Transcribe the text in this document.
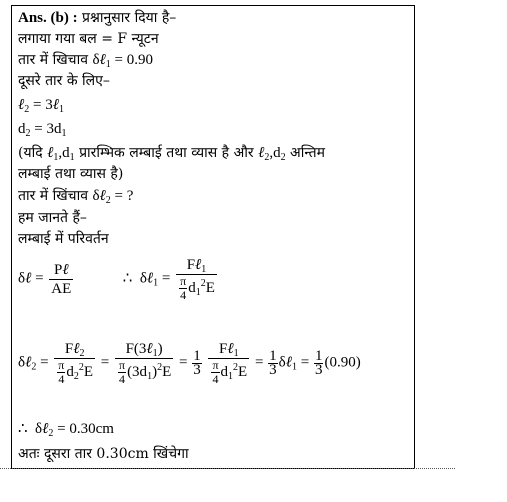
Ans. (b) : प्रश्नानुसार दिया है–
लगाया गया बल = F न्यूटन
तार में खिचाव δℓ$_1$ = 0.90
दूसरे तार के लिए–
ℓ$_2$ = 3ℓ$_1$
$d_2 = 3d_1$
(यदि $\ell_1,d_1$ प्रारम्भिक लम्बाई तथा व्यास है और $\ell_2,d_2$ अन्तिम
लम्बाई तथा व्यास है)
तार में खिंचाव δℓ$_2$ = ?
हम जानते हैं–
लम्बाई में परिवर्तन
δℓ = $\frac{\text{Pℓ}}{AE}$	∴  δℓ$_1$ = $\frac{F\ell_1}{\frac{\pi}{4} d_1^2E}$
δℓ$_2$ = $\frac{F\ell_2}{\frac{\pi}{4} d_2^2E} = \frac{F(3\ell_1)}{\frac{\pi}{4} (3d_1)^2E} = \frac{1}{3}$
$\frac{F\ell_1}{\frac{\pi}{4} d_1^2E} = \frac{1}{3}$ δℓ$_1$ = $\frac{1}{3} (0.90)$
∴  δℓ$_2$ = 0.30cm
अतः दूसरा तार 0.30cm खिंचेगा
